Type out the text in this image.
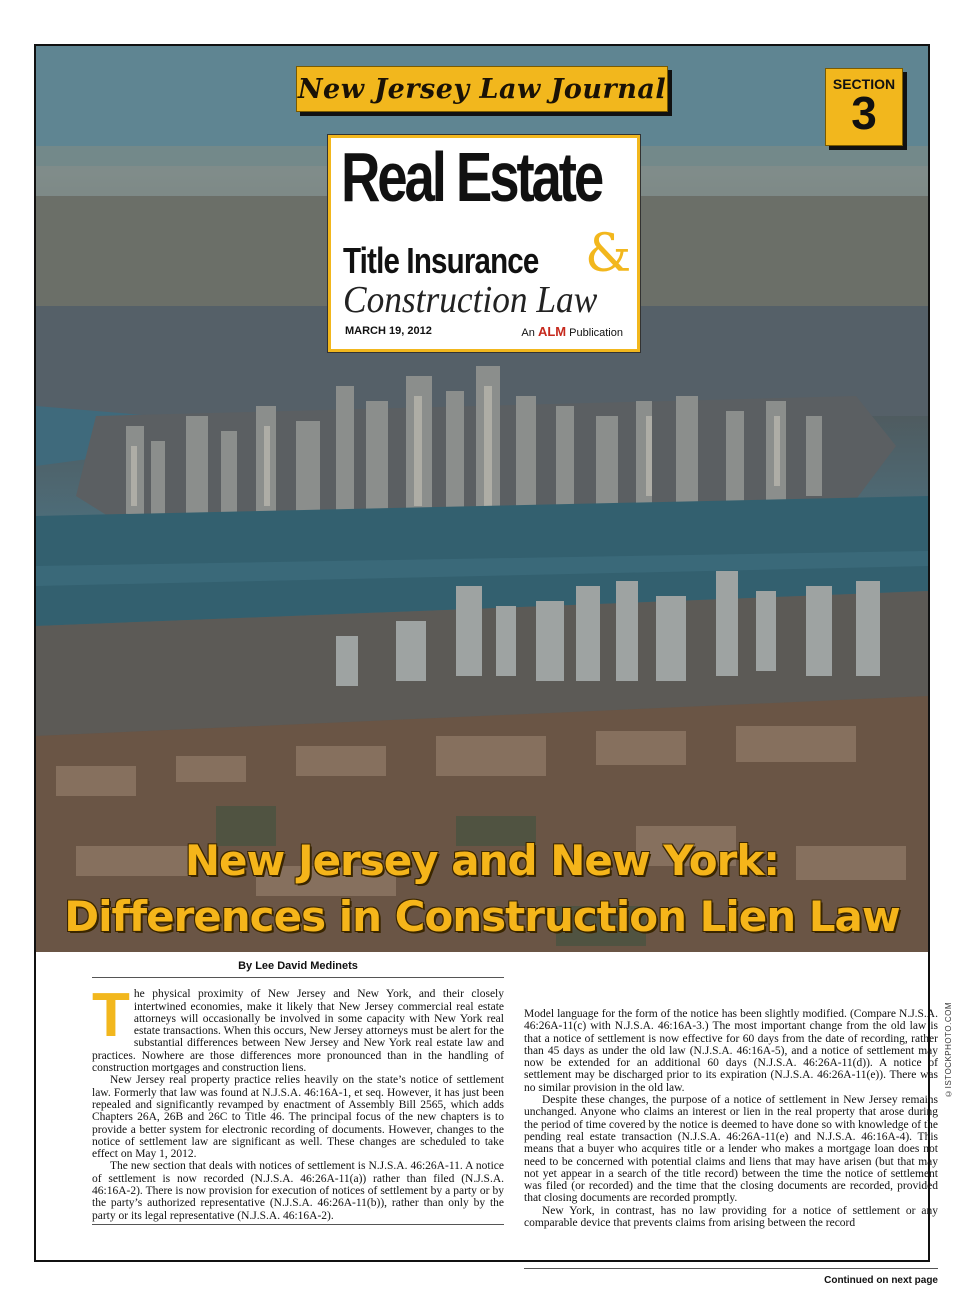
New Jersey Law Journal	SECTION
3
Real Estate
Title Insurance &
Construction Law
MARCH 19, 2012	An ALM Publication
New Jersey and New York:
Differences in Construction Lien Law
©ISTOCKPHOTO.COM
By Lee David Medinets
T he physical proximity of New Jersey and New York, and their closely intertwined economies, make it likely that New Jersey commercial real estate attorneys will occasionally be involved in some capacity with New York real estate transactions. When this occurs, New Jersey attorneys must be alert for the substantial differences between New Jersey and New York real estate law and practices. Nowhere are those differences more pronounced than in the handling of construction mortgages and construction liens.

New Jersey real property practice relies heavily on the state’s notice of settlement law. Formerly that law was found at N.J.S.A. 46:16A-1, et seq. However, it has just been repealed and significantly revamped by enactment of Assembly Bill 2565, which adds Chapters 26A, 26B and 26C to Title 46. The principal focus of the new chapters is to provide a better system for electronic recording of documents. However, changes to the notice of settlement law are significant as well. These changes are scheduled to take effect on May 1, 2012.

The new section that deals with notices of settlement is N.J.S.A. 46:26A-11. A notice of settlement is now recorded (N.J.S.A. 46:26A-11(a)) rather than filed (N.J.S.A. 46:16A-2). There is now provision for execution of notices of settlement by a party or by the party’s authorized representative (N.J.S.A. 46:26A-11(b)), rather than only by the party or its legal representative (N.J.S.A. 46:16A-2).

Model language for the form of the notice has been slightly modified. (Compare N.J.S.A. 46:26A-11(c) with N.J.S.A. 46:16A-3.) The most important change from the old law is that a notice of settlement is now effective for 60 days from the date of recording, rather than 45 days as under the old law (N.J.S.A. 46:16A-5), and a notice of settlement may now be extended for an additional 60 days (N.J.S.A. 46:26A-11(d)). A notice of settlement may be discharged prior to its expiration (N.J.S.A. 46:26A-11(e)). There was no similar provision in the old law.

Despite these changes, the purpose of a notice of settlement in New Jersey remains unchanged. Anyone who claims an interest or lien in the real property that arose during the period of time covered by the notice is deemed to have done so with knowledge of the pending real estate transaction (N.J.S.A. 46:26A-11(e) and N.J.S.A. 46:16A-4). This means that a buyer who acquires title or a lender who makes a mortgage loan does not need to be concerned with potential claims and liens that may have arisen (but that may not yet appear in a search of the title record) between the time the notice of settlement was filed (or recorded) and the time that the closing documents are recorded, provided that closing documents are recorded promptly.

New York, in contrast, has no law providing for a notice of settlement or any comparable device that prevents claims from arising between the record

Continued on next page
